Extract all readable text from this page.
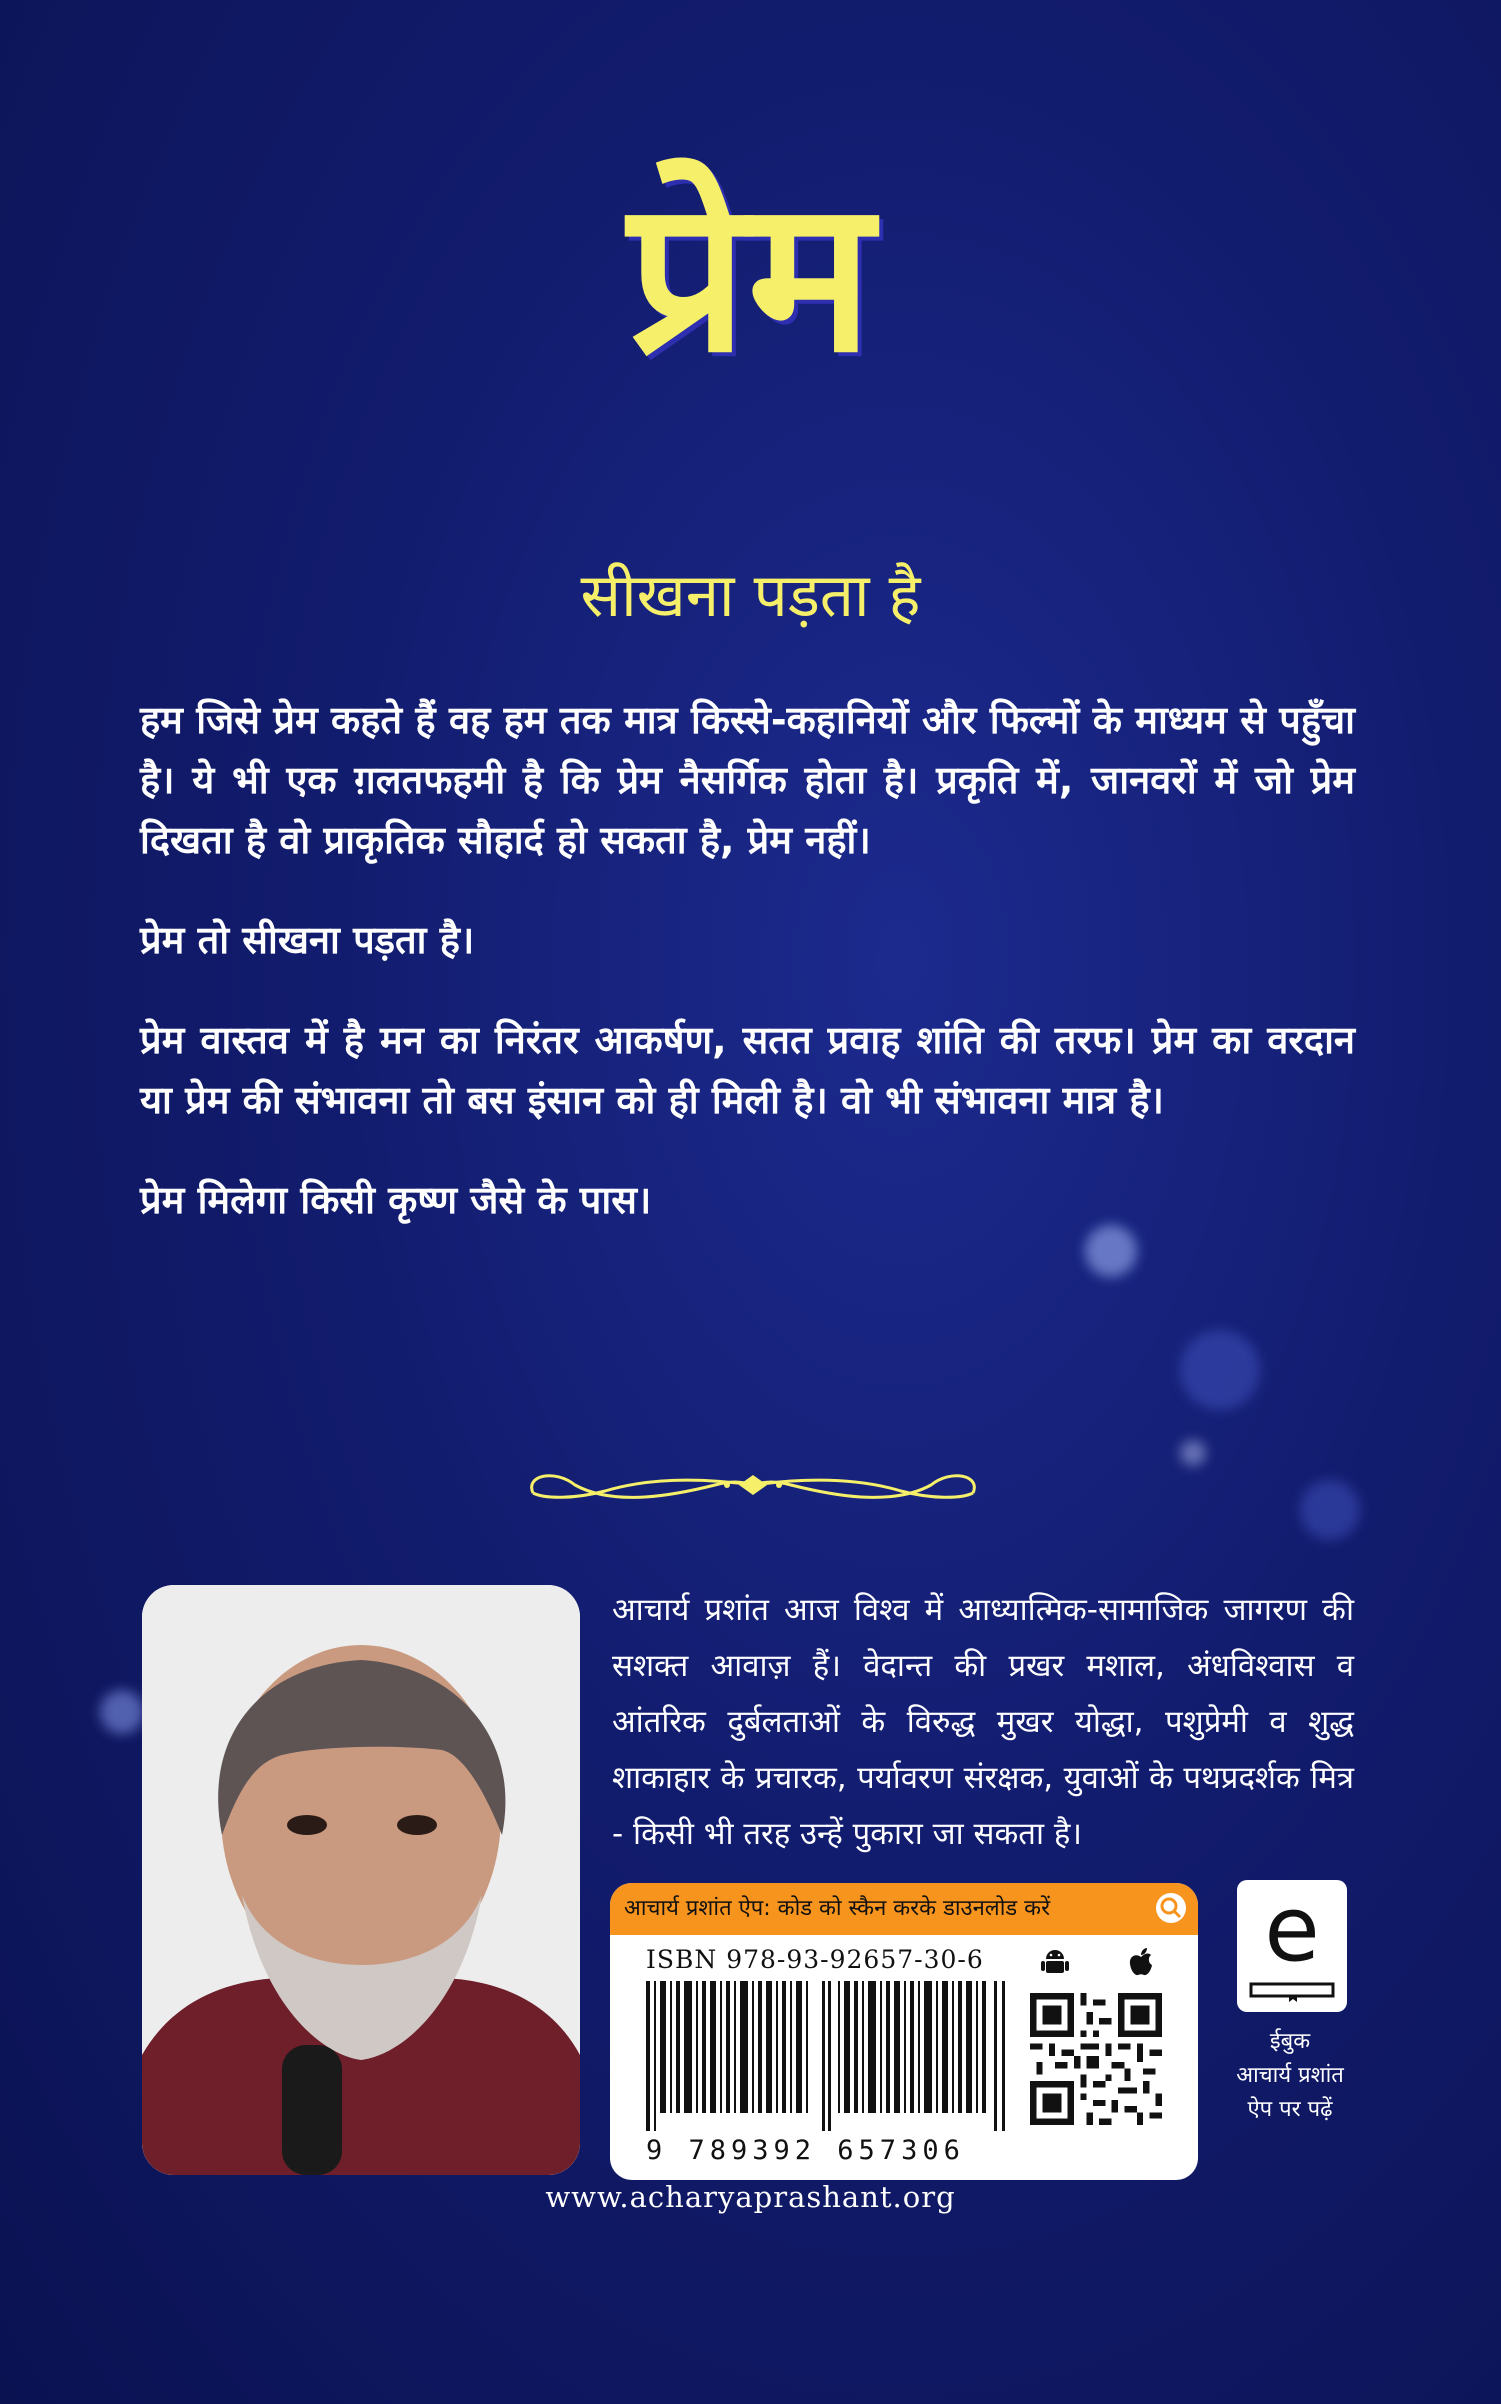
प्रेम
सीखना पड़ता है

हम जिसे प्रेम कहते हैं वह हम तक मात्र किस्से-कहानियों और फिल्मों के माध्यम से पहुँचा है। ये भी एक ग़लतफहमी है कि प्रेम नैसर्गिक होता है। प्रकृति में, जानवरों में जो प्रेम दिखता है वो प्राकृतिक सौहार्द हो सकता है, प्रेम नहीं।

प्रेम तो सीखना पड़ता है।

प्रेम वास्तव में है मन का निरंतर आकर्षण, सतत प्रवाह शांति की तरफ। प्रेम का वरदान या प्रेम की संभावना तो बस इंसान को ही मिली है। वो भी संभावना मात्र है।

प्रेम मिलेगा किसी कृष्ण जैसे के पास।

आचार्य प्रशांत आज विश्व में आध्यात्मिक-सामाजिक जागरण की सशक्त आवाज़ हैं। वेदान्त की प्रखर मशाल, अंधविश्वास व आंतरिक दुर्बलताओं के विरुद्ध मुखर योद्धा, पशुप्रेमी व शुद्ध शाकाहार के प्रचारक, पर्यावरण संरक्षक, युवाओं के पथप्रदर्शक मित्र - किसी भी तरह उन्हें पुकारा जा सकता है।
आचार्य प्रशांत ऐप: कोड को स्कैन करके डाउनलोड करें
ISBN 978-93-92657-30-6
9 789392 657306
e
ईबुक
आचार्य प्रशांत
ऐप पर पढ़ें
www.acharyaprashant.org
